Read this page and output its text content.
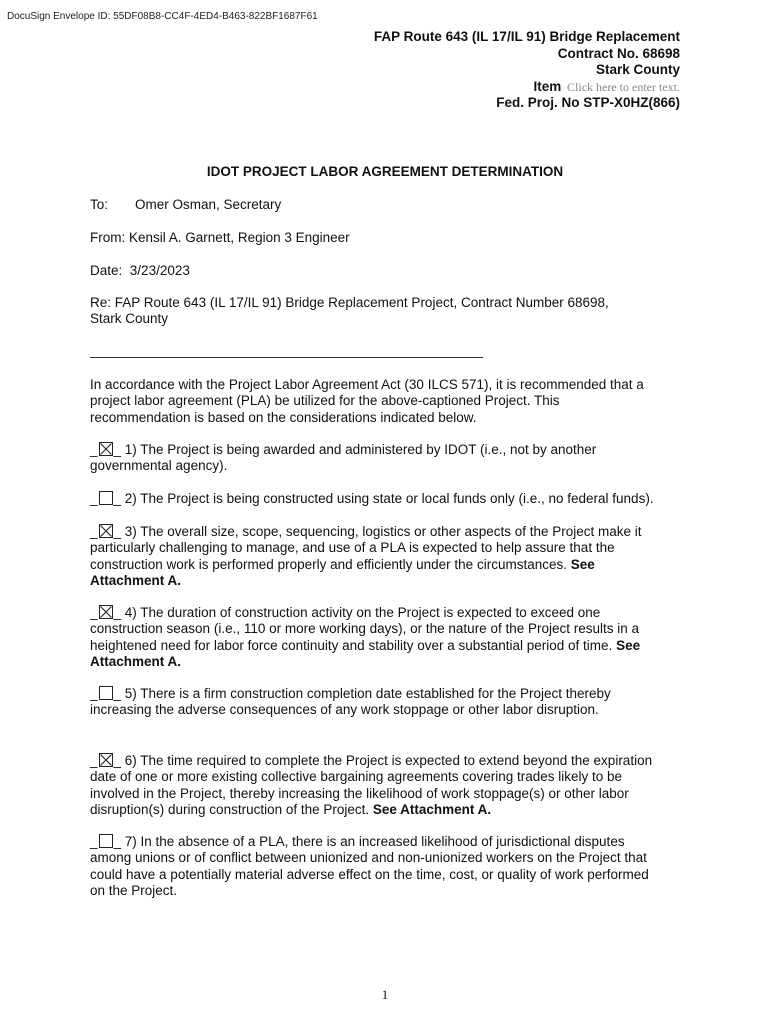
DocuSign Envelope ID: 55DF08B8-CC4F-4ED4-B463-822BF1687F61
FAP Route 643 (IL 17/IL 91) Bridge Replacement
Contract No. 68698
Stark County
Item Click here to enter text.
Fed. Proj. No STP-X0HZ(866)
IDOT PROJECT LABOR AGREEMENT DETERMINATION
To: Omer Osman, Secretary
From: Kensil A. Garnett, Region 3 Engineer
Date: 3/23/2023
Re: FAP Route 643 (IL 17/IL 91) Bridge Replacement Project, Contract Number 68698,
Stark County
In accordance with the Project Labor Agreement Act (30 ILCS 571), it is recommended that a
project labor agreement (PLA) be utilized for the above-captioned Project. This
recommendation is based on the considerations indicated below.
_ _ 1) The Project is being awarded and administered by IDOT (i.e., not by another
governmental agency).
_ _ 2) The Project is being constructed using state or local funds only (i.e., no federal funds).
_ _ 3) The overall size, scope, sequencing, logistics or other aspects of the Project make it
particularly challenging to manage, and use of a PLA is expected to help assure that the
construction work is performed properly and efficiently under the circumstances. See
Attachment A.
_ _ 4) The duration of construction activity on the Project is expected to exceed one
construction season (i.e., 110 or more working days), or the nature of the Project results in a
heightened need for labor force continuity and stability over a substantial period of time. See
Attachment A.
_ _ 5) There is a firm construction completion date established for the Project thereby
increasing the adverse consequences of any work stoppage or other labor disruption.
_ _ 6) The time required to complete the Project is expected to extend beyond the expiration
date of one or more existing collective bargaining agreements covering trades likely to be
involved in the Project, thereby increasing the likelihood of work stoppage(s) or other labor
disruption(s) during construction of the Project. See Attachment A.
_ _ 7) In the absence of a PLA, there is an increased likelihood of jurisdictional disputes
among unions or of conflict between unionized and non-unionized workers on the Project that
could have a potentially material adverse effect on the time, cost, or quality of work performed
on the Project.
1
